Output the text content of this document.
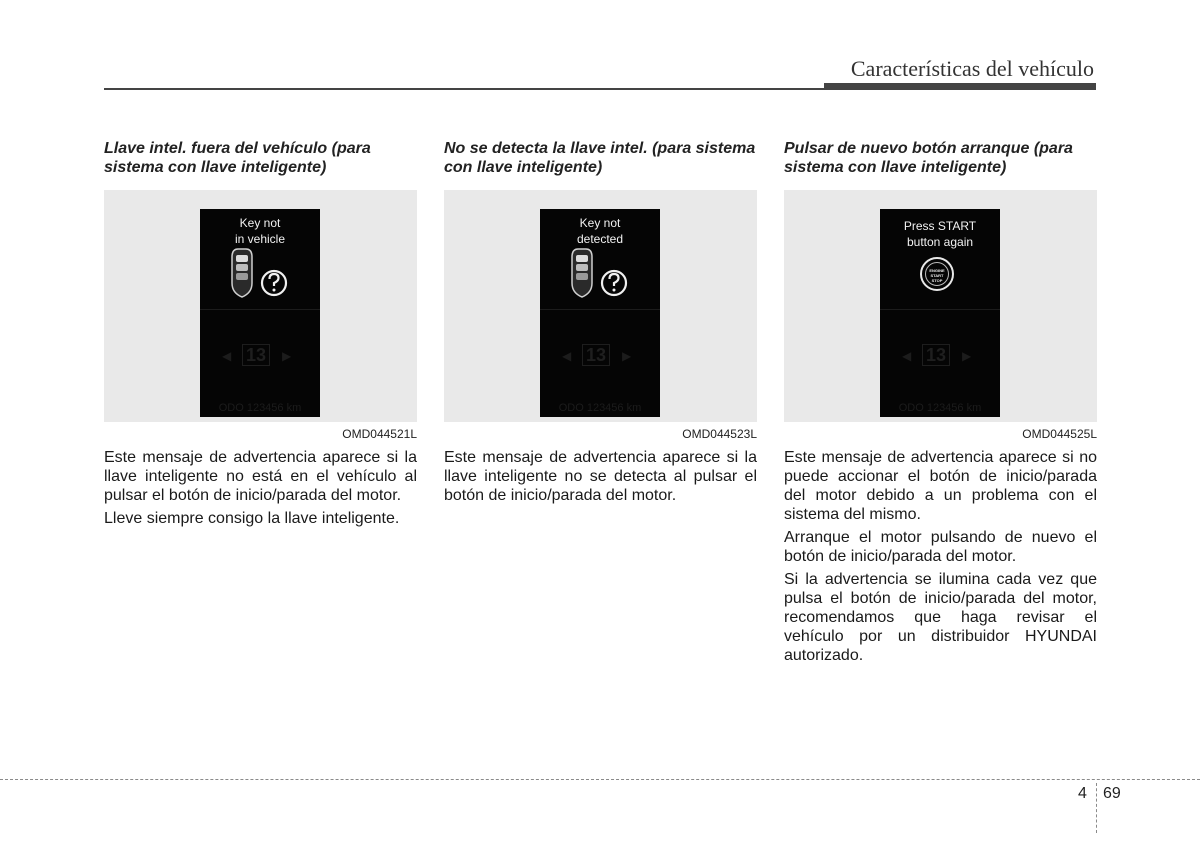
Características del vehículo
Llave intel. fuera del vehículo (para sistema con llave inteligente)
Key not
in vehicle
◀ 13	▶
ODO 123456 km
OMD044521L

Este mensaje de advertencia aparece si la llave inteligente no está en el vehículo al pulsar el botón de inicio/parada del motor.

Lleve siempre consigo la llave inteligente.

No se detecta la llave intel. (para sistema con llave inteligente)
Key not
detected
◀ 13	▶
ODO 123456 km
OMD044523L

Este mensaje de advertencia aparece si la llave inteligente no se detecta al pulsar el botón de inicio/parada del motor.

Pulsar de nuevo botón arranque (para sistema con llave inteligente)
Press START
button again
ENGINE
START
STOP
◀ 13	▶
ODO 123456 km
OMD044525L

Este mensaje de advertencia aparece si no puede accionar el botón de inicio/parada del motor debido a un problema con el sistema del mismo.

Arranque el motor pulsando de nuevo el botón de inicio/parada del motor.

Si la advertencia se ilumina cada vez que pulsa el botón de inicio/parada del motor, recomendamos que haga revisar el vehículo por un distribuidor HYUNDAI autorizado.

4 69
